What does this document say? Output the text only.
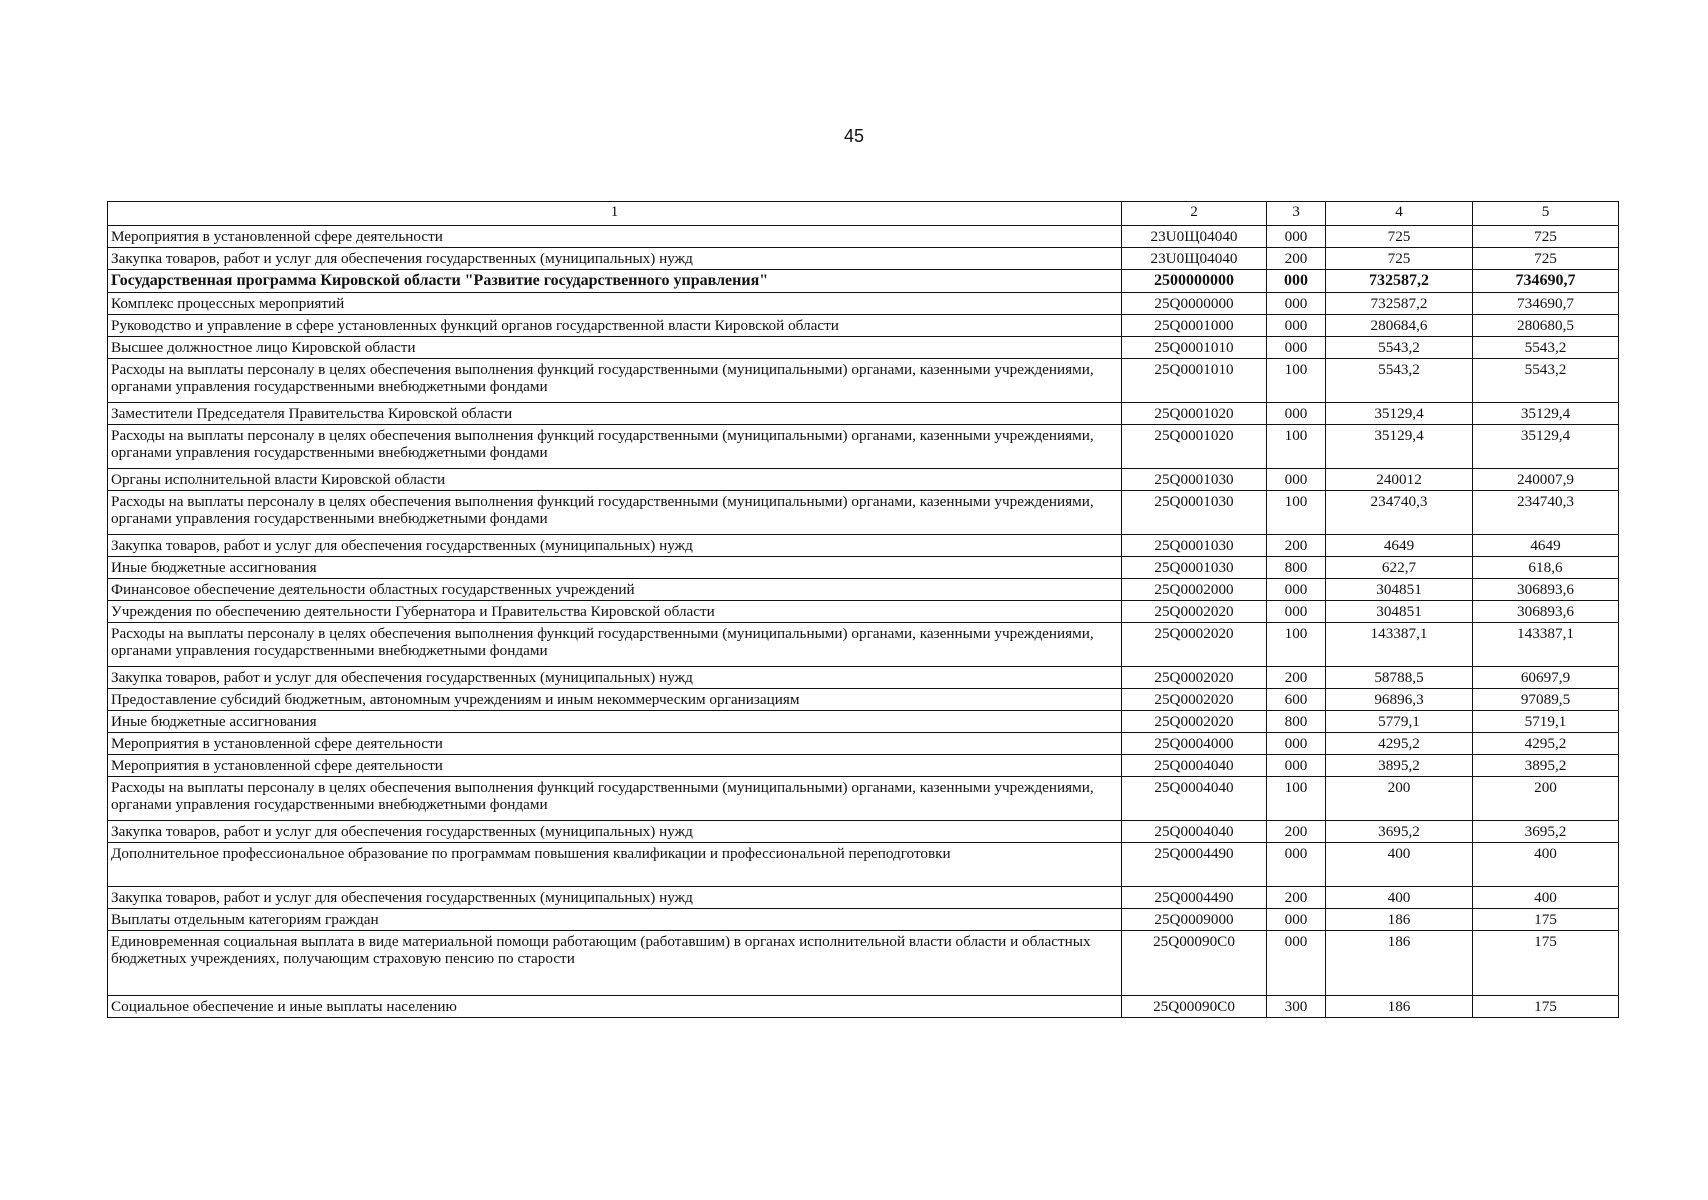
45
1	2	3	4	5
Мероприятия в установленной сфере деятельности	23U0Щ04040	000	725	725
Закупка товаров, работ и услуг для обеспечения государственных (муниципальных) нужд	23U0Щ04040	200	725	725
Государственная программа Кировской области "Развитие государственного управления"	2500000000	000	732587,2	734690,7
Комплекс процессных мероприятий	25Q0000000	000	732587,2	734690,7
Руководство и управление в сфере установленных функций органов государственной власти Кировской области	25Q0001000	000	280684,6	280680,5
Высшее должностное лицо Кировской области	25Q0001010	000	5543,2	5543,2
Расходы на выплаты персоналу в целях обеспечения выполнения функций государственными (муниципальными) органами, казенными учреждениями, органами управления государственными внебюджетными фондами	25Q0001010	100	5543,2	5543,2
Заместители Председателя Правительства Кировской области	25Q0001020	000	35129,4	35129,4
Расходы на выплаты персоналу в целях обеспечения выполнения функций государственными (муниципальными) органами, казенными учреждениями, органами управления государственными внебюджетными фондами	25Q0001020	100	35129,4	35129,4
Органы исполнительной власти Кировской области	25Q0001030	000	240012	240007,9
Расходы на выплаты персоналу в целях обеспечения выполнения функций государственными (муниципальными) органами, казенными учреждениями, органами управления государственными внебюджетными фондами	25Q0001030	100	234740,3	234740,3
Закупка товаров, работ и услуг для обеспечения государственных (муниципальных) нужд	25Q0001030	200	4649	4649
Иные бюджетные ассигнования	25Q0001030	800	622,7	618,6
Финансовое обеспечение деятельности областных государственных учреждений	25Q0002000	000	304851	306893,6
Учреждения по обеспечению деятельности Губернатора и Правительства Кировской области	25Q0002020	000	304851	306893,6
Расходы на выплаты персоналу в целях обеспечения выполнения функций государственными (муниципальными) органами, казенными учреждениями, органами управления государственными внебюджетными фондами	25Q0002020	100	143387,1	143387,1
Закупка товаров, работ и услуг для обеспечения государственных (муниципальных) нужд	25Q0002020	200	58788,5	60697,9
Предоставление субсидий бюджетным, автономным учреждениям и иным некоммерческим организациям	25Q0002020	600	96896,3	97089,5
Иные бюджетные ассигнования	25Q0002020	800	5779,1	5719,1
Мероприятия в установленной сфере деятельности	25Q0004000	000	4295,2	4295,2
Мероприятия в установленной сфере деятельности	25Q0004040	000	3895,2	3895,2
Расходы на выплаты персоналу в целях обеспечения выполнения функций государственными (муниципальными) органами, казенными учреждениями, органами управления государственными внебюджетными фондами	25Q0004040	100	200	200
Закупка товаров, работ и услуг для обеспечения государственных (муниципальных) нужд	25Q0004040	200	3695,2	3695,2
Дополнительное профессиональное образование по программам повышения квалификации и профессиональной переподготовки	25Q0004490	000	400	400
Закупка товаров, работ и услуг для обеспечения государственных (муниципальных) нужд	25Q0004490	200	400	400
Выплаты отдельным категориям граждан	25Q0009000	000	186	175
Единовременная социальная выплата в виде материальной помощи работающим (работавшим) в органах исполнительной власти области и областных бюджетных учреждениях, получающим страховую пенсию по старости	25Q00090C0	000	186	175
Социальное обеспечение и иные выплаты населению	25Q00090C0	300	186	175
